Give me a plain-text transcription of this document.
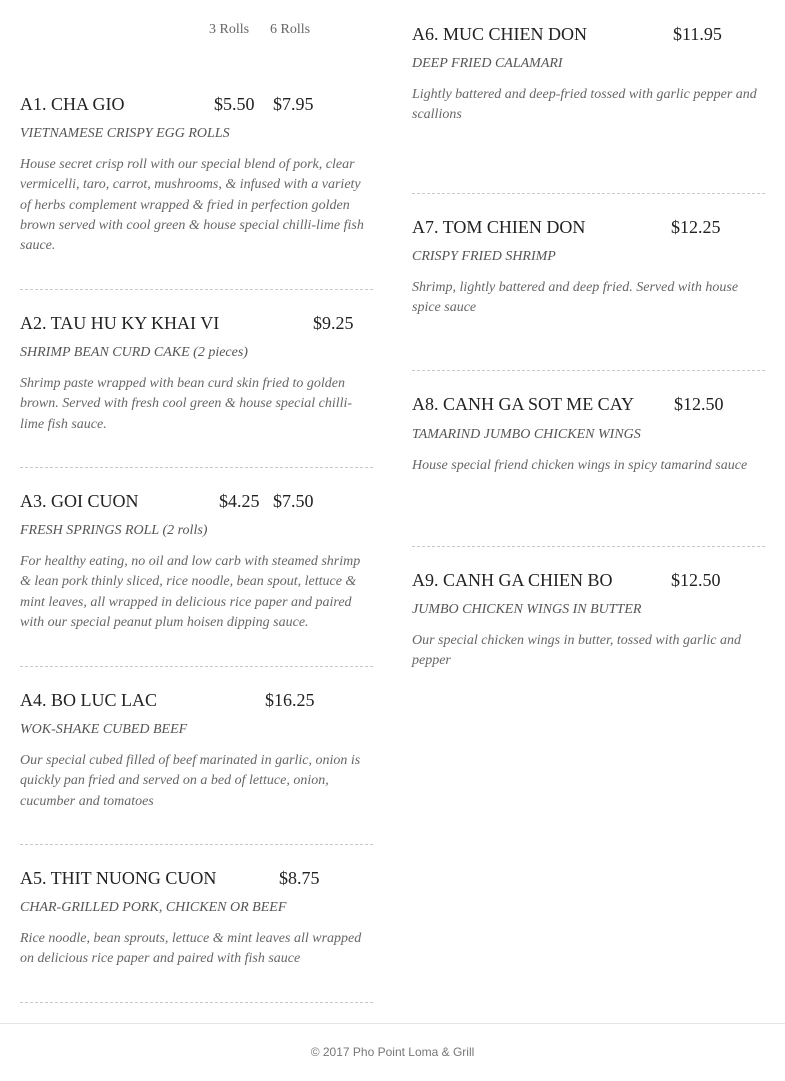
3 Rolls 6 Rolls
A1. CHA GIO	$5.50 $7.95
VIETNAMESE CRISPY EGG ROLLS
House secret crisp roll with our special blend of pork, clear vermicelli, taro, carrot, mushrooms, & infused with a variety of herbs complement wrapped & fried in perfection golden brown served with cool green & house special chilli-lime fish sauce.
A2. TAU HU KY KHAI VI	$9.25
SHRIMP BEAN CURD CAKE (2 pieces)
Shrimp paste wrapped with bean curd skin fried to golden brown. Served with fresh cool green & house special chilli-lime fish sauce.
A3. GOI CUON	$4.25 $7.50
FRESH SPRINGS ROLL (2 rolls)
For healthy eating, no oil and low carb with steamed shrimp & lean pork thinly sliced, rice noodle, bean spout, lettuce & mint leaves, all wrapped in delicious rice paper and paired with our special peanut plum hoisen dipping sauce.
A4. BO LUC LAC	$16.25
WOK-SHAKE CUBED BEEF
Our special cubed filled of beef marinated in garlic, onion is quickly pan fried and served on a bed of lettuce, onion, cucumber and tomatoes
A5. THIT NUONG CUON	$8.75
CHAR-GRILLED PORK, CHICKEN OR BEEF
Rice noodle, bean sprouts, lettuce & mint leaves all wrapped on delicious rice paper and paired with fish sauce
A6. MUC CHIEN DON	$11.95
DEEP FRIED CALAMARI
Lightly battered and deep-fried tossed with garlic pepper and scallions
A7. TOM CHIEN DON	$12.25
CRISPY FRIED SHRIMP
Shrimp, lightly battered and deep fried. Served with house spice sauce
A8. CANH GA SOT ME CAY $12.50
TAMARIND JUMBO CHICKEN WINGS
House special friend chicken wings in spicy tamarind sauce
A9. CANH GA CHIEN BO	$12.50
JUMBO CHICKEN WINGS IN BUTTER
Our special chicken wings in butter, tossed with garlic and pepper
© 2017 Pho Point Loma & Grill
